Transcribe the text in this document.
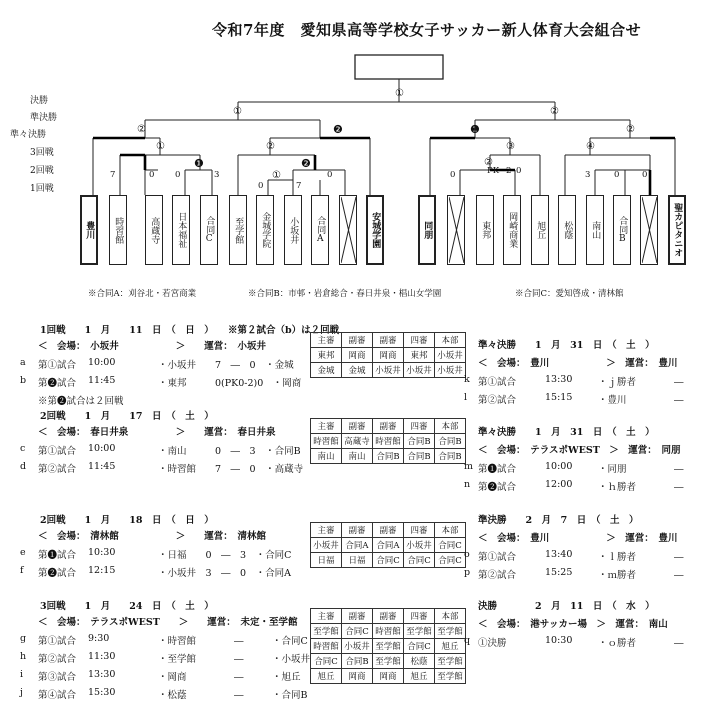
令和7年度　愛知県高等学校女子サッカー新人体育大会組合せ
決勝
準決勝
準々決勝
3回戦
2回戦
1回戦
①
①	②
②	❷	❶	②
①	②	③	④
❶	❷
①
②
PK
7	0 0	3
0	7
0	0	2 0	3	0	0
豊川 時習館	高蔵寺 日本福祉 合同C 至学館 金城学院 小坂井 合同A	安城学園	同朋	東邦 岡崎商業 旭丘 松蔭 南山 合同B	聖カピタニオ
※合同A：刈谷北・若宮商業	※合同B：市邨・岩倉総合・春日井泉・椙山女学園	※合同C：愛知啓成・清林館
1回戦　　1　月　　11　日　（　日　）　　※第２試合（b）は２回戦
＜　会場：　小坂井　　　　　　＞　　運営：　小坂井
a 第①試合 10:00	・小坂井　　7　―　0　・金城
b 第❷試合 11:45	・東邦　　　0(PK0-2)0　・岡商
※第❷試合は２回戦
主審	副審	副審	四審	本部
東邦	岡商	岡商	東邦	小坂井
金城	金城	小坂井	小坂井	小坂井
2回戦　　1　月　　17　日　（　土　）
＜　会場：　春日井泉　　　　　＞　　運営：　春日井泉
c 第①試合 10:00	・南山　　　0　―　3　・合同B
d 第②試合 11:45	・時習館　　7　―　0　・高蔵寺
主審	副審	副審	四審	本部
時習館	高蔵寺	時習館	合同B	合同B
南山	南山	合同B	合同B	合同B
2回戦　　1　月　　18　日　（　日　）
＜　会場：　清林館　　　　　　＞　　運営：　清林館
e 第❶試合 10:30	・日福　　0　―　3　・合同C
f 第❷試合 12:15	・小坂井　3　―　0　・合同A
主審	副審	副審	四審	本部
小坂井	合同A	合同A	小坂井	合同C
日福	日福	合同C	合同C	合同C
3回戦　　1　月　　24　日　（　土　）
＜　会場：　テラスポWEST　　＞　　運営：　未定・至学館
g 第①試合 9:30	・時習館　　　　―　　　・合同C
h 第②試合 11:30	・至学館　　　　―　　　・小坂井
i 第③試合 13:30	・岡商　　　　　―　　　・旭丘
j 第④試合 15:30	・松蔭　　　　　―　　　・合同B
主審	副審	副審	四審	本部
至学館	合同C	時習館	至学館	至学館
時習館	小坂井	至学館	合同C	旭丘
合同C	合同B	至学館	松蔭	至学館
旭丘	岡商	岡商	旭丘	至学館
準々決勝　　1　月　31　日　（　土　）
＜　会場：　豊川　　　　　　＞　運営：　豊川
k 第①試合	13:30	・ｊ勝者　　　　―
l 第②試合	15:15	・豊川　　　　　―
準々決勝　　1　月　31　日　（　土　）
＜　会場：　テラスポWEST　＞　運営：　同朋
m 第❶試合	10:00	・同朋　　　　　―
n 第❷試合	12:00	・ｈ勝者　　　　―
準決勝　　2　月　7　日　（　土　）
＜　会場：　豊川　　　　　　＞　運営：　豊川
o 第①試合	13:40	・ｌ勝者　　　　―
p 第②試合	15:25	・ｍ勝者　　　　―
決勝　　　　2　月　11　日　（　水　）
＜　会場：　港サッカー場　＞　運営：　南山
q ①決勝	10:30	・ｏ勝者　　　　―
